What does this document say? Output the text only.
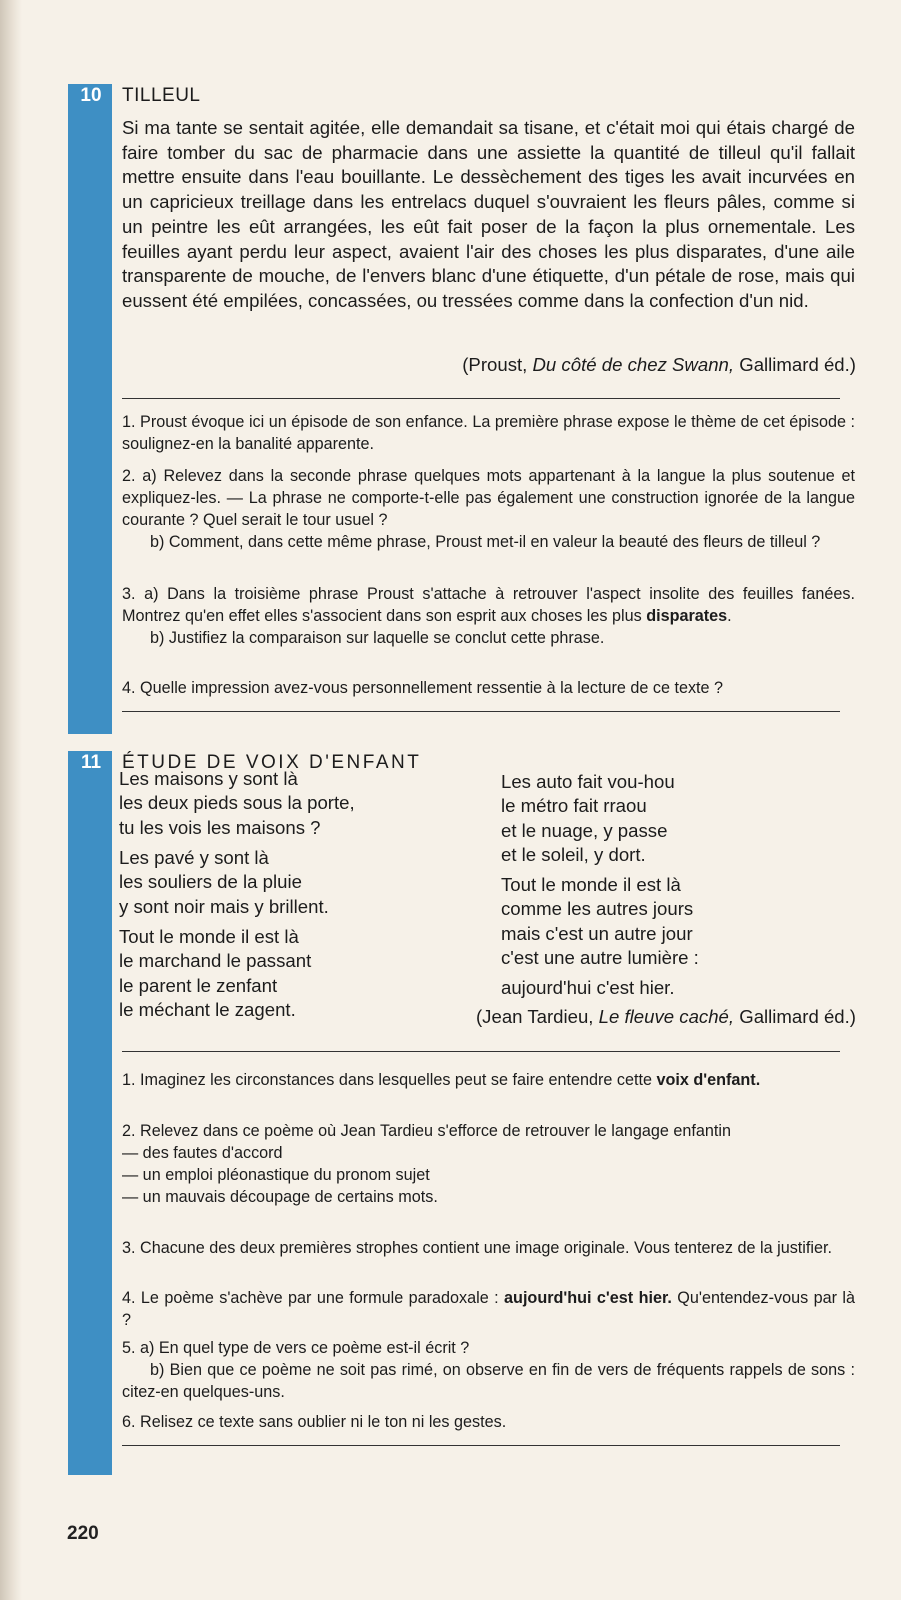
10	TILLEUL

Si ma tante se sentait agitée, elle demandait sa tisane, et c'était moi qui étais chargé de faire tomber du sac de pharmacie dans une assiette la quantité de tilleul qu'il fallait mettre ensuite dans l'eau bouillante. Le dessèchement des tiges les avait incurvées en un capricieux treillage dans les entrelacs duquel s'ouvraient les fleurs pâles, comme si un peintre les eût arrangées, les eût fait poser de la façon la plus ornementale. Les feuilles ayant perdu leur aspect, avaient l'air des choses les plus disparates, d'une aile transparente de mouche, de l'envers blanc d'une étiquette, d'un pétale de rose, mais qui eussent été empilées, concassées, ou tressées comme dans la confection d'un nid.

(Proust, Du côté de chez Swann, Gallimard éd.)
1. Proust évoque ici un épisode de son enfance. La première phrase expose le thème de cet épisode : soulignez-en la banalité apparente.
2. a) Relevez dans la seconde phrase quelques mots appartenant à la langue la plus soutenue et expliquez-les. — La phrase ne comporte-t-elle pas également une construction ignorée de la langue courante ? Quel serait le tour usuel ?
b) Comment, dans cette même phrase, Proust met-il en valeur la beauté des fleurs de tilleul ?
3. a) Dans la troisième phrase Proust s'attache à retrouver l'aspect insolite des feuilles fanées. Montrez qu'en effet elles s'associent dans son esprit aux choses les plus disparates.
b) Justifiez la comparaison sur laquelle se conclut cette phrase.
4. Quelle impression avez-vous personnellement ressentie à la lecture de ce texte ?
11	ÉTUDE DE VOIX D'ENFANT
Les maisons y sont là
les deux pieds sous la porte,
tu les vois les maisons ?
Les pavé y sont là
les souliers de la pluie
y sont noir mais y brillent.
Tout le monde il est là
le marchand le passant
le parent le zenfant
le méchant le zagent.
Les auto fait vou-hou
le métro fait rraou
et le nuage, y passe
et le soleil, y dort.
Tout le monde il est là
comme les autres jours
mais c'est un autre jour
c'est une autre lumière :
aujourd'hui c'est hier.
(Jean Tardieu, Le fleuve caché, Gallimard éd.)
1. Imaginez les circonstances dans lesquelles peut se faire entendre cette voix d'enfant.
2. Relevez dans ce poème où Jean Tardieu s'efforce de retrouver le langage enfantin
— des fautes d'accord
— un emploi pléonastique du pronom sujet
— un mauvais découpage de certains mots.
3. Chacune des deux premières strophes contient une image originale. Vous tenterez de la justifier.
4. Le poème s'achève par une formule paradoxale : aujourd'hui c'est hier. Qu'entendez-vous par là ?
5. a) En quel type de vers ce poème est-il écrit ?
b) Bien que ce poème ne soit pas rimé, on observe en fin de vers de fréquents rappels de sons : citez-en quelques-uns.
6. Relisez ce texte sans oublier ni le ton ni les gestes.
220
